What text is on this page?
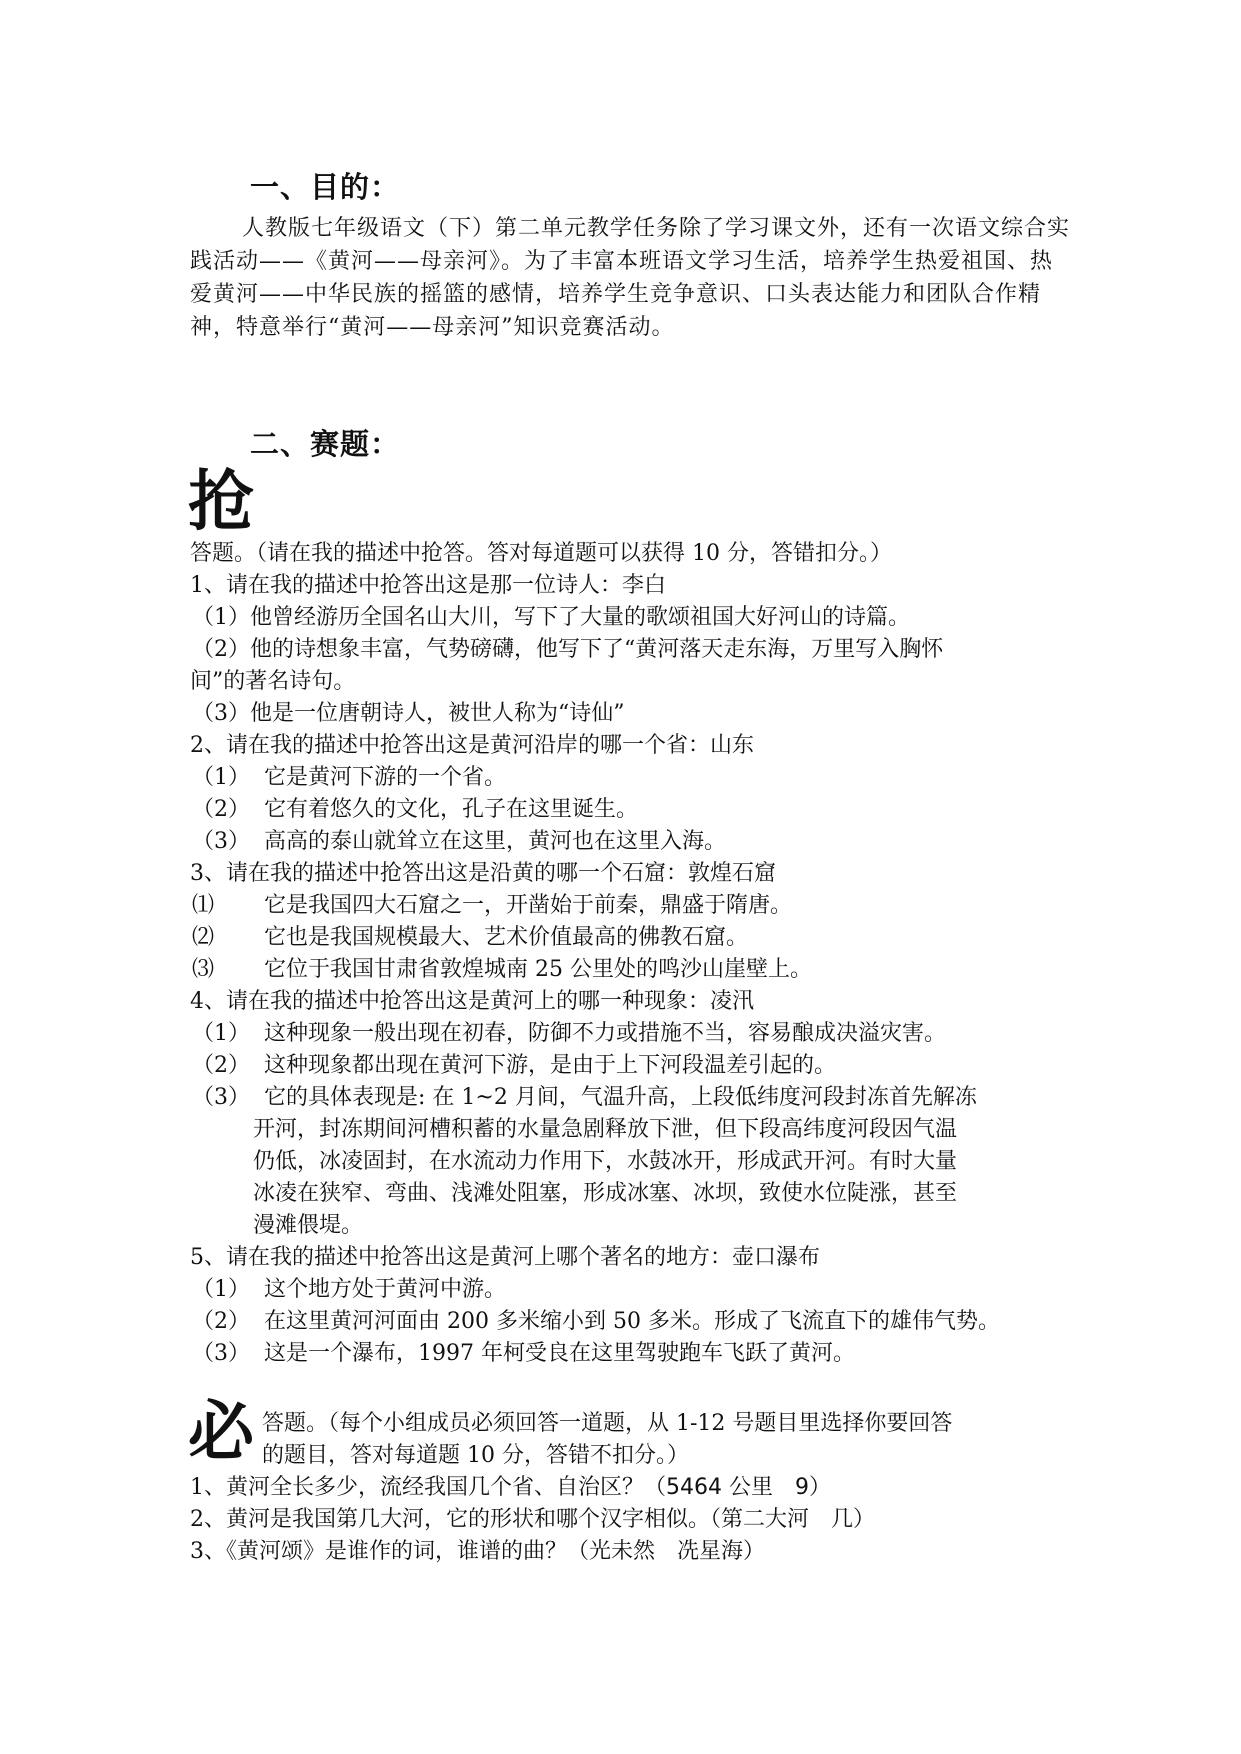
一、目的：
人教版七年级语文（下）第二单元教学任务除了学习课文外，还有一次语文综合实践活动——《黄河——母亲河》。为了丰富本班语文学习生活，培养学生热爱祖国、热爱黄河——中华民族的摇篮的感情，培养学生竞争意识、口头表达能力和团队合作精神，特意举行“黄河——母亲河”知识竞赛活动。
二、赛题：
抢
答题。（请在我的描述中抢答。答对每道题可以获得 10 分，答错扣分。）
1、请在我的描述中抢答出这是那一位诗人：李白
（1）他曾经游历全国名山大川，写下了大量的歌颂祖国大好河山的诗篇。
（2）他的诗想象丰富，气势磅礴，他写下了“黄河落天走东海，万里写入胸怀
间”的著名诗句。
（3）他是一位唐朝诗人，被世人称为“诗仙”
2、请在我的描述中抢答出这是黄河沿岸的哪一个省：山东
（1） 它是黄河下游的一个省。
（2） 它有着悠久的文化，孔子在这里诞生。
（3） 高高的泰山就耸立在这里，黄河也在这里入海。
3、请在我的描述中抢答出这是沿黄的哪一个石窟：敦煌石窟
⑴ 它是我国四大石窟之一，开凿始于前秦，鼎盛于隋唐。
⑵ 它也是我国规模最大、艺术价值最高的佛教石窟。
⑶ 它位于我国甘肃省敦煌城南 25 公里处的鸣沙山崖壁上。
4、请在我的描述中抢答出这是黄河上的哪一种现象：凌汛
（1） 这种现象一般出现在初春，防御不力或措施不当，容易酿成决溢灾害。
（2） 这种现象都出现在黄河下游，是由于上下河段温差引起的。
（3） 它的具体表现是: 在 1~2 月间，气温升高，上段低纬度河段封冻首先解冻
开河，封冻期间河槽积蓄的水量急剧释放下泄，但下段高纬度河段因气温
仍低，冰凌固封，在水流动力作用下，水鼓冰开，形成武开河。有时大量
冰凌在狭窄、弯曲、浅滩处阻塞，形成冰塞、冰坝，致使水位陡涨，甚至
漫滩偎堤。
5、请在我的描述中抢答出这是黄河上哪个著名的地方：壶口瀑布
（1） 这个地方处于黄河中游。
（2） 在这里黄河河面由 200 多米缩小到 50 多米。形成了飞流直下的雄伟气势。
（3） 这是一个瀑布，1997 年柯受良在这里驾驶跑车飞跃了黄河。
必 答题。（每个小组成员必须回答一道题，从 1-12 号题目里选择你要回答
的题目，答对每道题 10 分，答错不扣分。）
1、黄河全长多少，流经我国几个省、自治区？（5464 公里　9）
2、黄河是我国第几大河，它的形状和哪个汉字相似。（第二大河　几）
3、《黄河颂》是谁作的词，谁谱的曲？（光未然　冼星海）
